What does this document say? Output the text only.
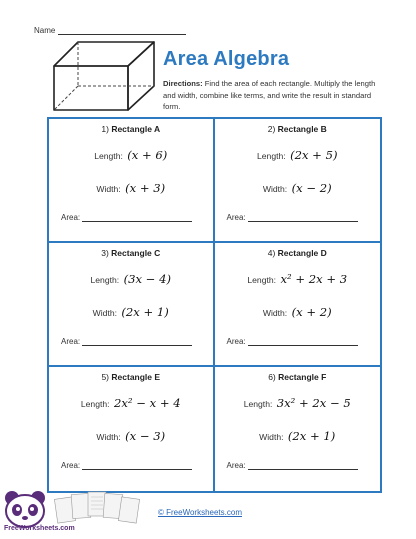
Name
Area Algebra
Directions: Find the area of each rectangle. Multiply the length and width, combine like terms, and write the result in standard form.
1) Rectangle A
Length: (x + 6)
Width: (x + 3)
Area:
2) Rectangle B
Length: (2x + 5)
Width: (x − 2)
Area:
3) Rectangle C
Length: (3x − 4)
Width: (2x + 1)
Area:
4) Rectangle D
Length: x² + 2x + 3
Width: (x + 2)
Area:
5) Rectangle E
Length: 2x² − x + 4
Width: (x − 3)
Area:
6) Rectangle F
Length: 3x² + 2x − 5
Width: (2x + 1)
Area:
FreeWorksheets.com
© FreeWorksheets.com
